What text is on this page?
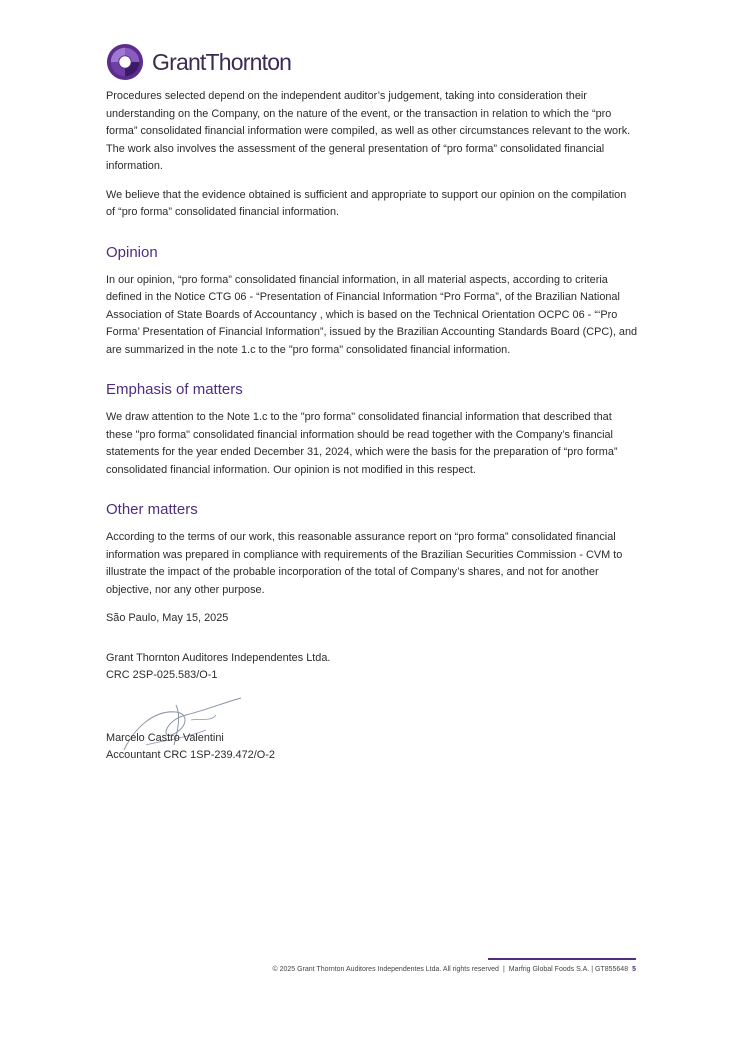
GrantThornton

Procedures selected depend on the independent auditor’s judgement, taking into consideration their understanding on the Company, on the nature of the event, or the transaction in relation to which the “pro forma” consolidated financial information were compiled, as well as other circumstances relevant to the work. The work also involves the assessment of the general presentation of “pro forma” consolidated financial information.

We believe that the evidence obtained is sufficient and appropriate to support our opinion on the compilation of “pro forma” consolidated financial information.

Opinion

In our opinion, “pro forma” consolidated financial information, in all material aspects, according to criteria defined in the Notice CTG 06 - “Presentation of Financial Information “Pro Forma”, of the Brazilian National Association of State Boards of Accountancy , which is based on the Technical Orientation OCPC 06 - “‘Pro Forma’ Presentation of Financial Information”, issued by the Brazilian Accounting Standards Board (CPC), and are summarized in the note 1.c to the "pro forma" consolidated financial information.

Emphasis of matters

We draw attention to the Note 1.c to the "pro forma" consolidated financial information that described that these "pro forma" consolidated financial information should be read together with the Company’s financial statements for the year ended December 31, 2024, which were the basis for the preparation of “pro forma” consolidated financial information. Our opinion is not modified in this respect.

Other matters

According to the terms of our work, this reasonable assurance report on “pro forma” consolidated financial information was prepared in compliance with requirements of the Brazilian Securities Commission - CVM to illustrate the impact of the probable incorporation of the total of Company’s shares, and not for another objective, nor any other purpose.

São Paulo, May 15, 2025

Grant Thornton Auditores Independentes Ltda.
CRC 2SP-025.583/O-1
Marcelo Castro Valentini
Accountant CRC 1SP-239.472/O-2
© 2025 Grant Thornton Auditores Independentes Ltda. All rights reserved | Marfrig Global Foods S.A. | GT855648 5
